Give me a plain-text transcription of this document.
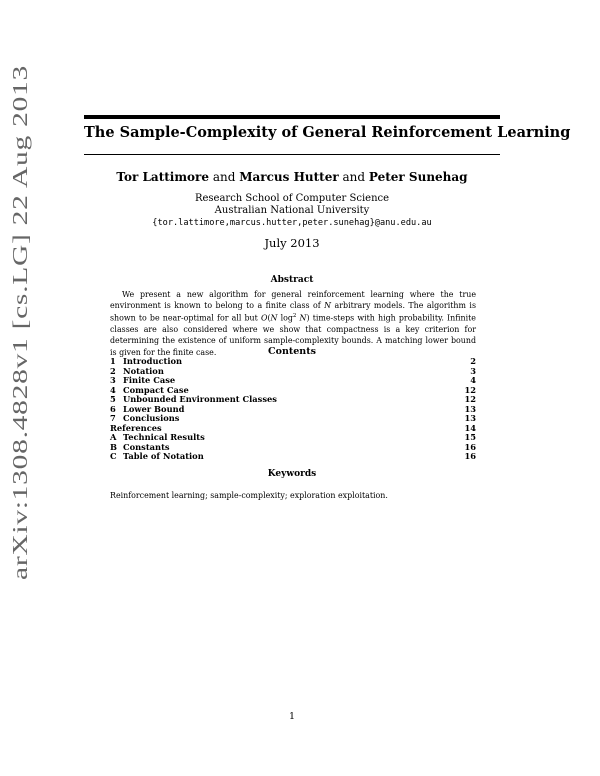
arXiv:1308.4828v1 [cs.LG] 22 Aug 2013
The Sample-Complexity of General Reinforcement Learning
Tor Lattimore and Marcus Hutter and Peter Sunehag
Research School of Computer Science
Australian National University
{tor.lattimore,marcus.hutter,peter.sunehag}@anu.edu.au
July 2013
Abstract
We present a new algorithm for general reinforcement learning where the true environment is known to belong to a finite class of N arbitrary models. The algorithm is shown to be near-optimal for all but O(N $\log^2 N$) time-steps with high probability. Infinite classes are also considered where we show that compactness is a key criterion for determining the existence of uniform sample-complexity bounds. A matching lower bound is given for the finite case.	Contents
1 Introduction	2
2 Notation	3
3 Finite Case	4
4 Compact Case	12
5 Unbounded Environment Classes	12
6 Lower Bound	13
7 Conclusions	13
References	14
A Technical Results	15
B Constants	16
C Table of Notation	16
Keywords
Reinforcement learning; sample-complexity; exploration exploitation.
1
